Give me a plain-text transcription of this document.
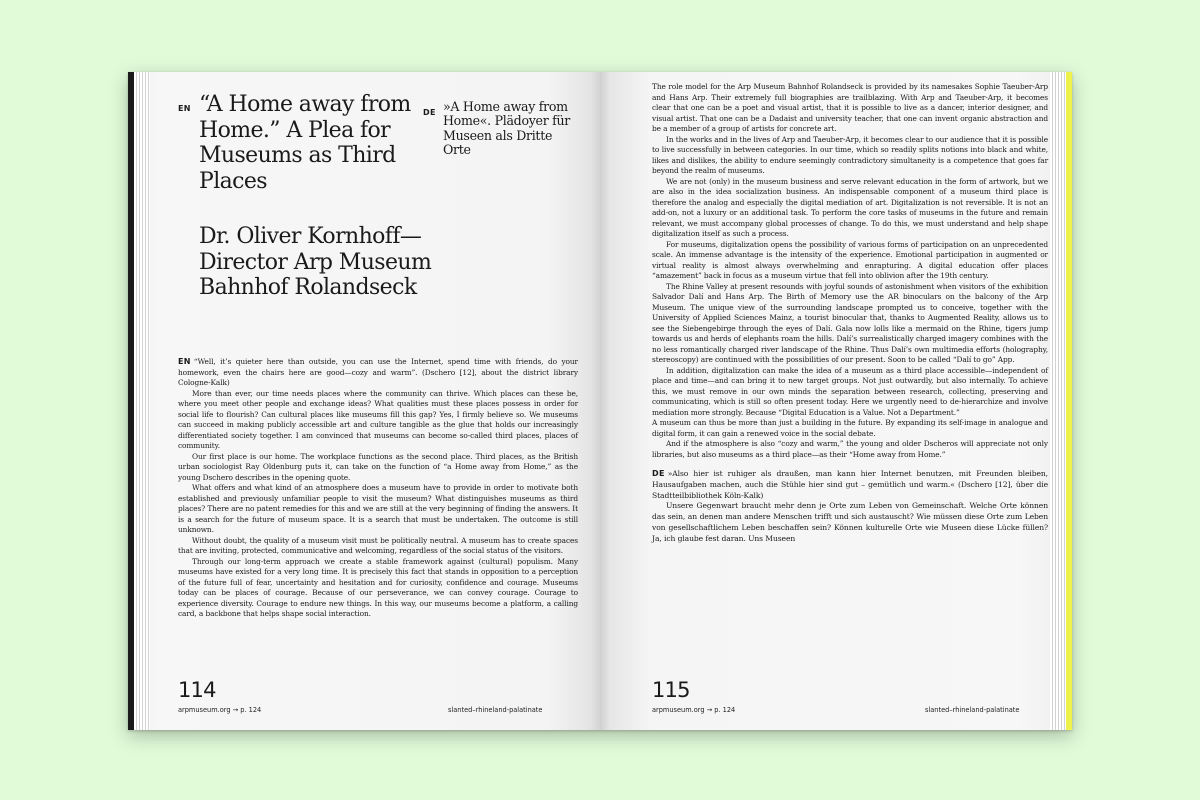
EN “A Home away from Home.” A Plea for Museums as Third Places
DE »A Home away from Home«. Plädoyer für Museen als Dritte Orte
Dr. Oliver Kornhoff— Director Arp Museum Bahnhof Rolandseck

EN “Well, it’s quieter here than outside, you can use the Internet, spend time with friends, do your homework, even the chairs here are good—cozy and warm”. (Dschero [12], about the district library Cologne-Kalk)

More than ever, our time needs places where the community can thrive. Which places can these be, where you meet other people and exchange ideas? What qualities must these places possess in order for social life to flourish? Can cultural places like museums fill this gap? Yes, I firmly believe so. We museums can succeed in making publicly accessible art and culture tangible as the glue that holds our increasingly differentiated society together. I am convinced that museums can become so-called third places, places of community.

Our first place is our home. The workplace functions as the second place. Third places, as the British urban sociologist Ray Oldenburg puts it, can take on the function of “a Home away from Home,” as the young Dschero describes in the opening quote.

What offers and what kind of an atmosphere does a museum have to provide in order to motivate both established and previously unfamiliar people to visit the museum? What distinguishes museums as third places? There are no patent remedies for this and we are still at the very beginning of finding the answers. It is a search for the future of museum space. It is a search that must be undertaken. The outcome is still unknown.

Without doubt, the quality of a museum visit must be politically neutral. A museum has to create spaces that are inviting, protected, communicative and welcoming, regardless of the social status of the visitors.

Through our long-term approach we create a stable framework against (cultural) populism. Many museums have existed for a very long time. It is precisely this fact that stands in opposition to a perception of the future full of fear, uncertainty and hesitation and for curiosity, confidence and courage. Museums today can be places of courage. Because of our perseverance, we can convey courage. Courage to experience diversity. Courage to endure new things. In this way, our museums become a platform, a calling card, a backbone that helps shape social interaction.

114
arpmuseum.org → p. 124	slanted–rhineland-palatinate

The role model for the Arp Museum Bahnhof Rolandseck is provided by its namesakes Sophie Taeuber-Arp and Hans Arp. Their extremely full biographies are trailblazing. With Arp and Taeuber-Arp, it becomes clear that one can be a poet and visual artist, that it is possible to live as a dancer, interior designer, and visual artist. That one can be a Dadaist and university teacher, that one can invent organic abstraction and be a member of a group of artists for concrete art.

In the works and in the lives of Arp and Taeuber-Arp, it becomes clear to our audience that it is possible to live successfully in between categories. In our time, which so readily splits notions into black and white, likes and dislikes, the ability to endure seemingly contradictory simultaneity is a competence that goes far beyond the realm of museums.

We are not (only) in the museum business and serve relevant education in the form of artwork, but we are also in the idea socialization business. An indispensable component of a museum third place is therefore the analog and especially the digital mediation of art. Digitalization is not reversible. It is not an add-on, not a luxury or an additional task. To perform the core tasks of museums in the future and remain relevant, we must accompany global processes of change. To do this, we must understand and help shape digitalization itself as such a process.

For museums, digitalization opens the possibility of various forms of participation on an unprecedented scale. An immense advantage is the intensity of the experience. Emotional participation in augmented or virtual reality is almost always overwhelming and enrapturing. A digital education offer places “amazement” back in focus as a museum virtue that fell into oblivion after the 19th century.

The Rhine Valley at present resounds with joyful sounds of astonishment when visitors of the exhibition Salvador Dalí and Hans Arp. The Birth of Memory use the AR binoculars on the balcony of the Arp Museum. The unique view of the surrounding landscape prompted us to conceive, together with the University of Applied Sciences Mainz, a tourist binocular that, thanks to Augmented Reality, allows us to see the Siebengebirge through the eyes of Dalí. Gala now lolls like a mermaid on the Rhine, tigers jump towards us and herds of elephants roam the hills. Dalí’s surrealistically charged imagery combines with the no less romantically charged river landscape of the Rhine. Thus Dalí’s own multimedia efforts (holography, stereoscopy) are continued with the possibilities of our present. Soon to be called “Dalí to go” App.

In addition, digitalization can make the idea of a museum as a third place accessible—independent of place and time—and can bring it to new target groups. Not just outwardly, but also internally. To achieve this, we must remove in our own minds the separation between research, collecting, preserving and communicating, which is still so often present today. Here we urgently need to de-hierarchize and involve mediation more strongly. Because “Digital Education is a Value. Not a Department.”

A museum can thus be more than just a building in the future. By expanding its self-image in analogue and digital form, it can gain a renewed voice in the social debate.

And if the atmosphere is also “cozy and warm,” the young and older Dscheros will appreciate not only libraries, but also museums as a third place—as their “Home away from Home.”

DE »Also hier ist ruhiger als draußen, man kann hier Internet benutzen, mit Freunden bleiben, Hausaufgaben machen, auch die Stühle hier sind gut – gemütlich und warm.« (Dschero [12], über die Stadtteilbibliothek Köln-Kalk)

Unsere Gegenwart braucht mehr denn je Orte zum Leben von Gemeinschaft. Welche Orte können das sein, an denen man andere Menschen trifft und sich austauscht? Wie müssen diese Orte zum Leben von gesellschaftlichem Leben beschaffen sein? Können kulturelle Orte wie Museen diese Lücke füllen? Ja, ich glaube fest daran. Uns Museen

115
arpmuseum.org → p. 124	slanted–rhineland-palatinate
